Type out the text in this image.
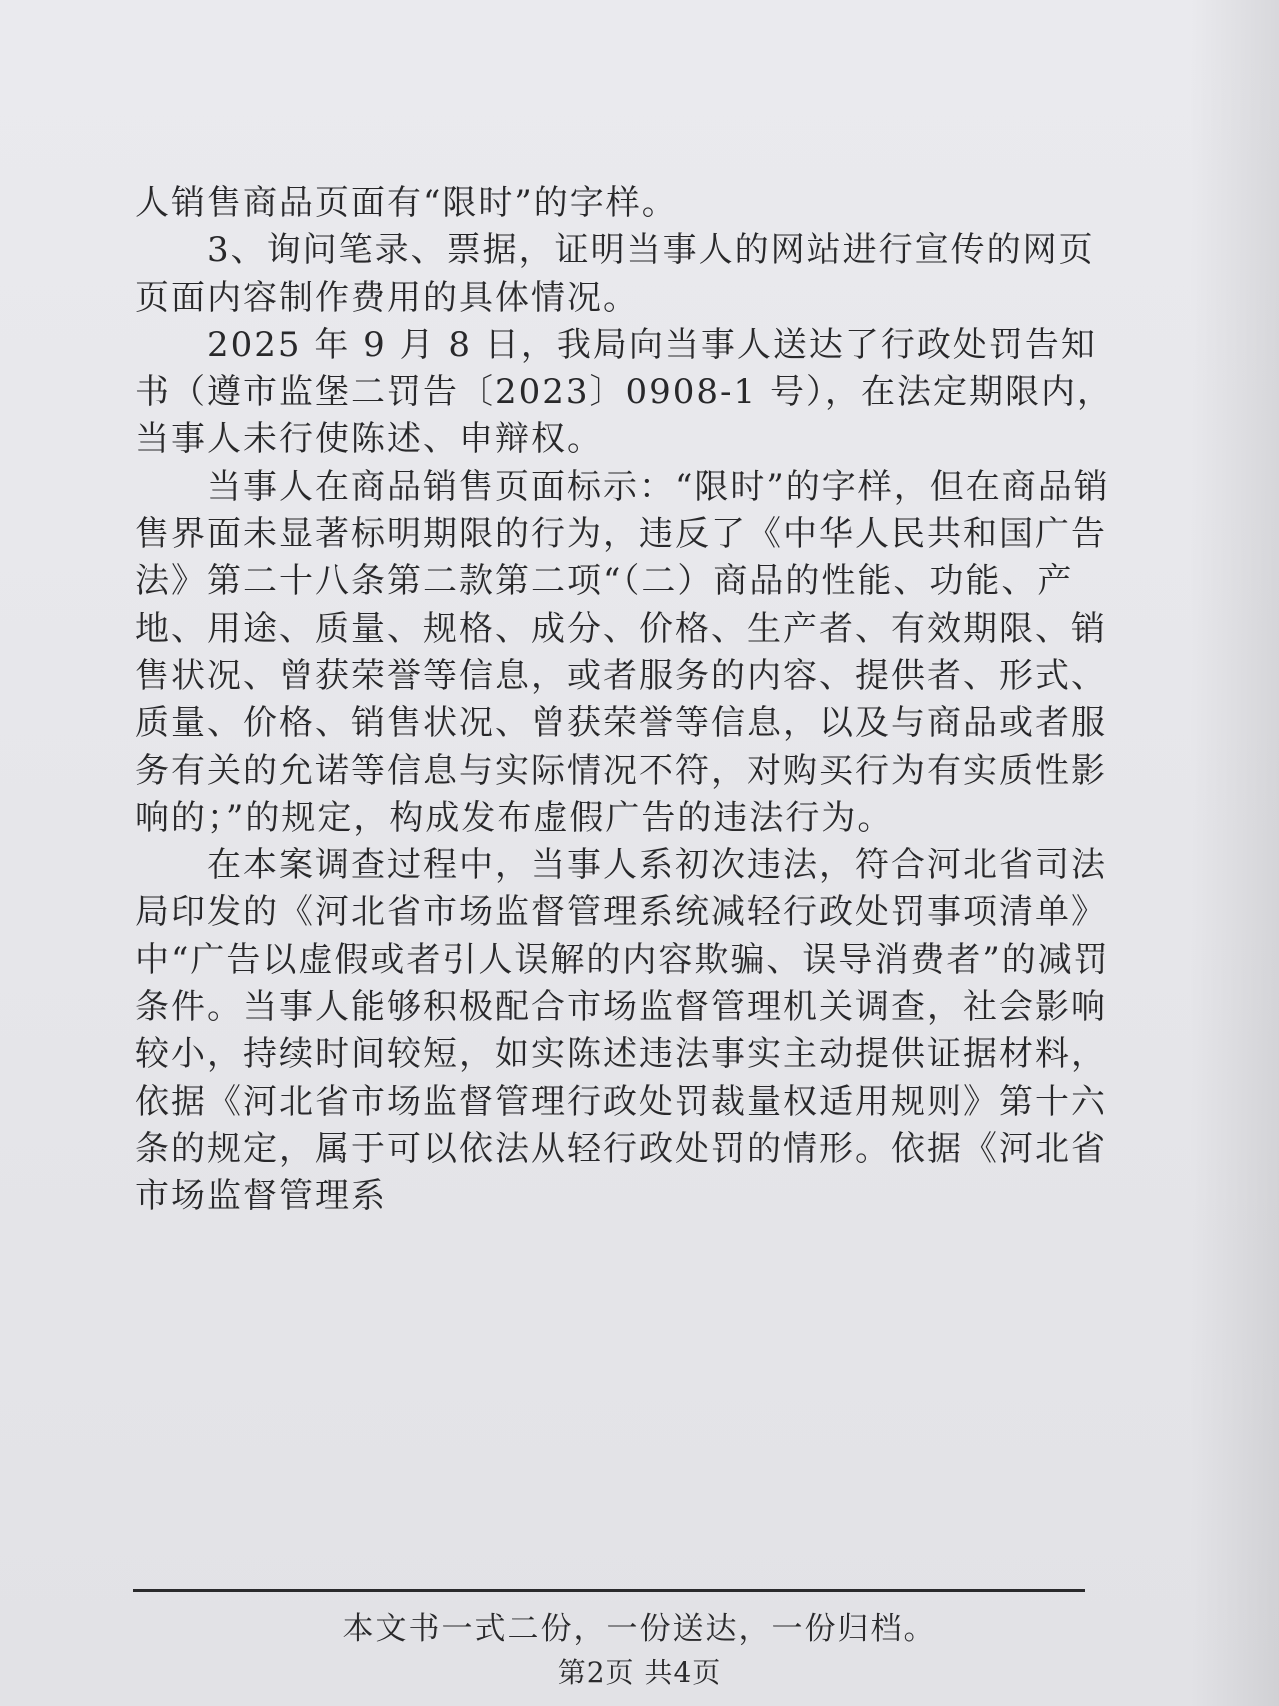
人销售商品页面有“限时”的字样。

　　3、询问笔录、票据，证明当事人的网站进行宣传的网页页面内容制作费用的具体情况。

　　2025 年 9 月 8 日，我局向当事人送达了行政处罚告知书（遵市监堡二罚告〔2023〕0908-1 号），在法定期限内，当事人未行使陈述、申辩权。

　　当事人在商品销售页面标示：“限时”的字样，但在商品销售界面未显著标明期限的行为，违反了《中华人民共和国广告法》第二十八条第二款第二项“（二）商品的性能、功能、产地、用途、质量、规格、成分、价格、生产者、有效期限、销售状况、曾获荣誉等信息，或者服务的内容、提供者、形式、质量、价格、销售状况、曾获荣誉等信息，以及与商品或者服务有关的允诺等信息与实际情况不符，对购买行为有实质性影响的；”的规定，构成发布虚假广告的违法行为。

　　在本案调查过程中，当事人系初次违法，符合河北省司法局印发的《河北省市场监督管理系统减轻行政处罚事项清单》中“广告以虚假或者引人误解的内容欺骗、误导消费者”的减罚条件。当事人能够积极配合市场监督管理机关调查，社会影响较小，持续时间较短，如实陈述违法事实主动提供证据材料，依据《河北省市场监督管理行政处罚裁量权适用规则》第十六条的规定，属于可以依法从轻行政处罚的情形。依据《河北省市场监督管理系

本文书一式二份，一份送达，一份归档。
第2页 共4页
